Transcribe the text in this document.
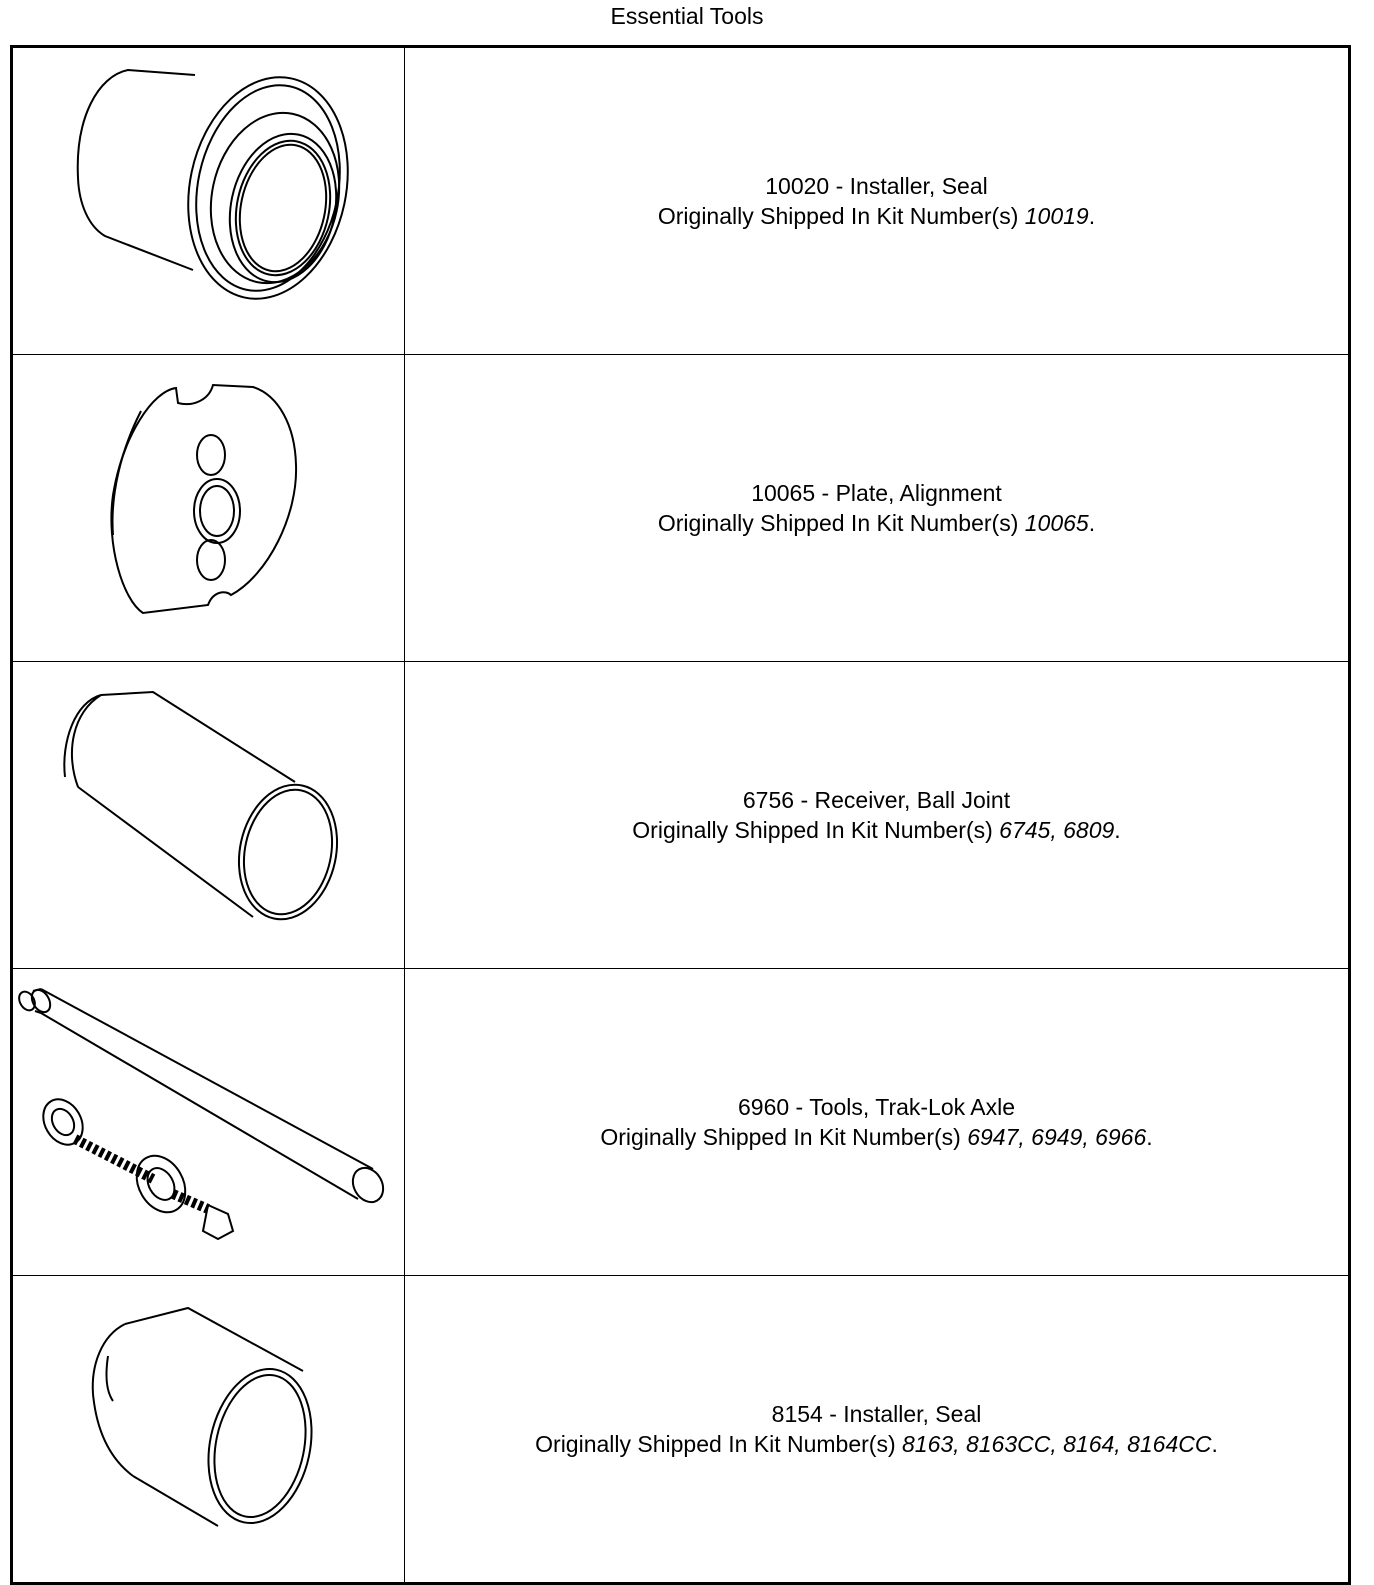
Essential Tools

10020 - Installer, Seal
Originally Shipped In Kit Number(s) 10019.

10065 - Plate, Alignment
Originally Shipped In Kit Number(s) 10065.

6756 - Receiver, Ball Joint
Originally Shipped In Kit Number(s) 6745, 6809.

6960 - Tools, Trak-Lok Axle
Originally Shipped In Kit Number(s) 6947, 6949, 6966.

8154 - Installer, Seal
Originally Shipped In Kit Number(s) 8163, 8163CC, 8164, 8164CC.
